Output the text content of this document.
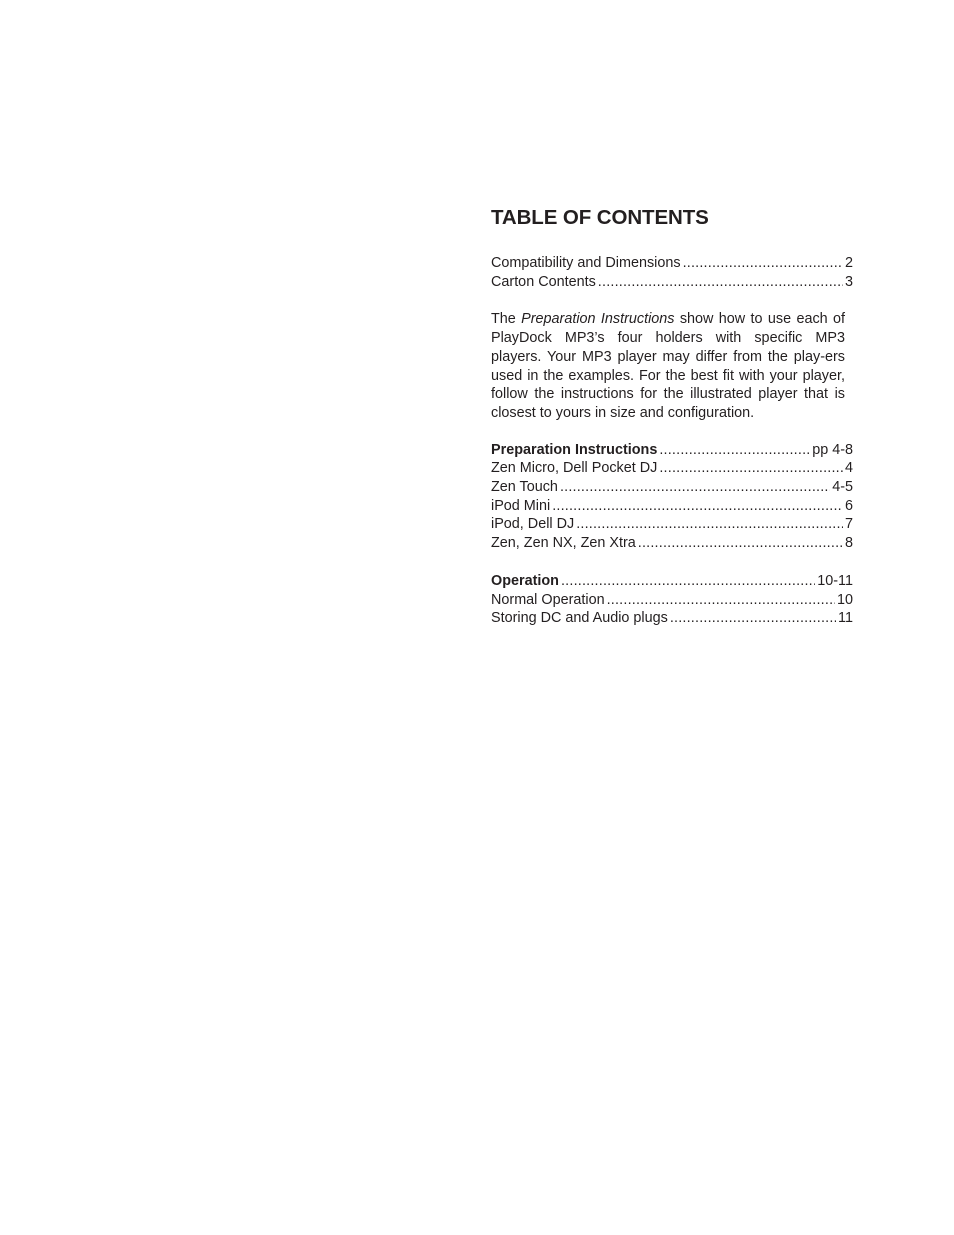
TABLE OF CONTENTS
Compatibility and Dimensions .....	2
Carton Contents .....	3

The Preparation Instructions show how to use each of PlayDock MP3’s four holders with specific MP3 players. Your MP3 player may differ from the play-ers used in the examples. For the best fit with your player, follow the instructions for the illustrated player that is closest to yours in size and configuration.

Preparation Instructions .....	pp 4-8
Zen Micro, Dell Pocket DJ .....	4
Zen Touch .....	4-5
iPod Mini .....	6
iPod, Dell DJ .....	7
Zen, Zen NX, Zen Xtra .....	8
Operation .....	10-11
Normal Operation .....	10
Storing DC and Audio plugs .....	11
